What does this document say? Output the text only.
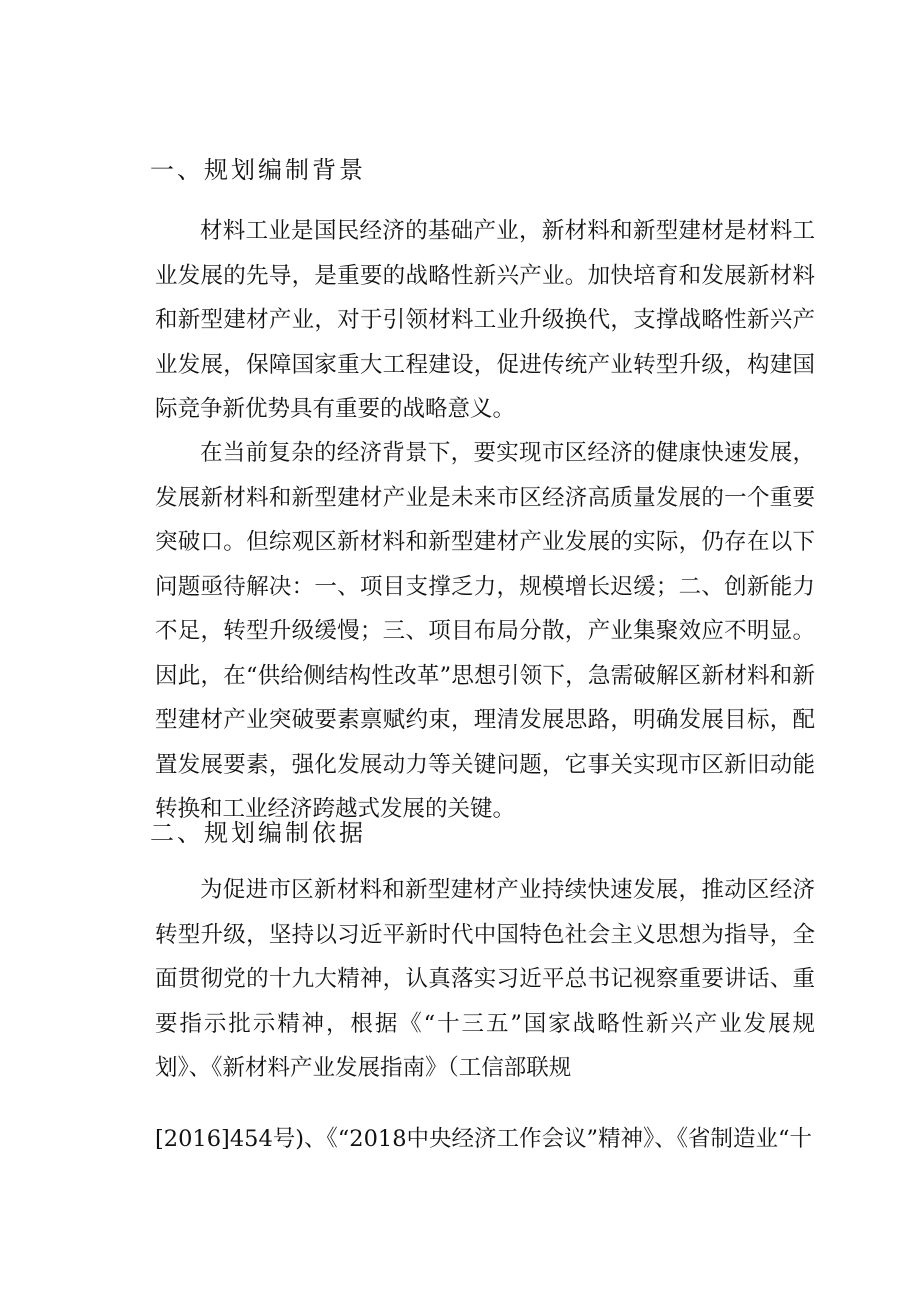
一、规划编制背景

材料工业是国民经济的基础产业，新材料和新型建材是材料工业发展的先导，是重要的战略性新兴产业。加快培育和发展新材料和新型建材产业，对于引领材料工业升级换代，支撑战略性新兴产业发展，保障国家重大工程建设，促进传统产业转型升级，构建国际竞争新优势具有重要的战略意义。

在当前复杂的经济背景下，要实现市区经济的健康快速发展，发展新材料和新型建材产业是未来市区经济高质量发展的一个重要突破口。但综观区新材料和新型建材产业发展的实际，仍存在以下问题亟待解决：一、项目支撑乏力，规模增长迟缓；二、创新能力不足，转型升级缓慢；三、项目布局分散，产业集聚效应不明显。因此，在“供给侧结构性改革”思想引领下，急需破解区新材料和新型建材产业突破要素禀赋约束，理清发展思路，明确发展目标，配置发展要素，强化发展动力等关键问题，它事关实现市区新旧动能转换和工业经济跨越式发展的关键。

二、规划编制依据

为促进市区新材料和新型建材产业持续快速发展，推动区经济转型升级，坚持以习近平新时代中国特色社会主义思想为指导，全面贯彻党的十九大精神，认真落实习近平总书记视察重要讲话、重要指示批示精神，根据《“十三五”国家战略性新兴产业发展规划》、《新材料产业发展指南》（工信部联规

[2016]454号)、《“2018中央经济工作会议”精神》、《省制造业“十
